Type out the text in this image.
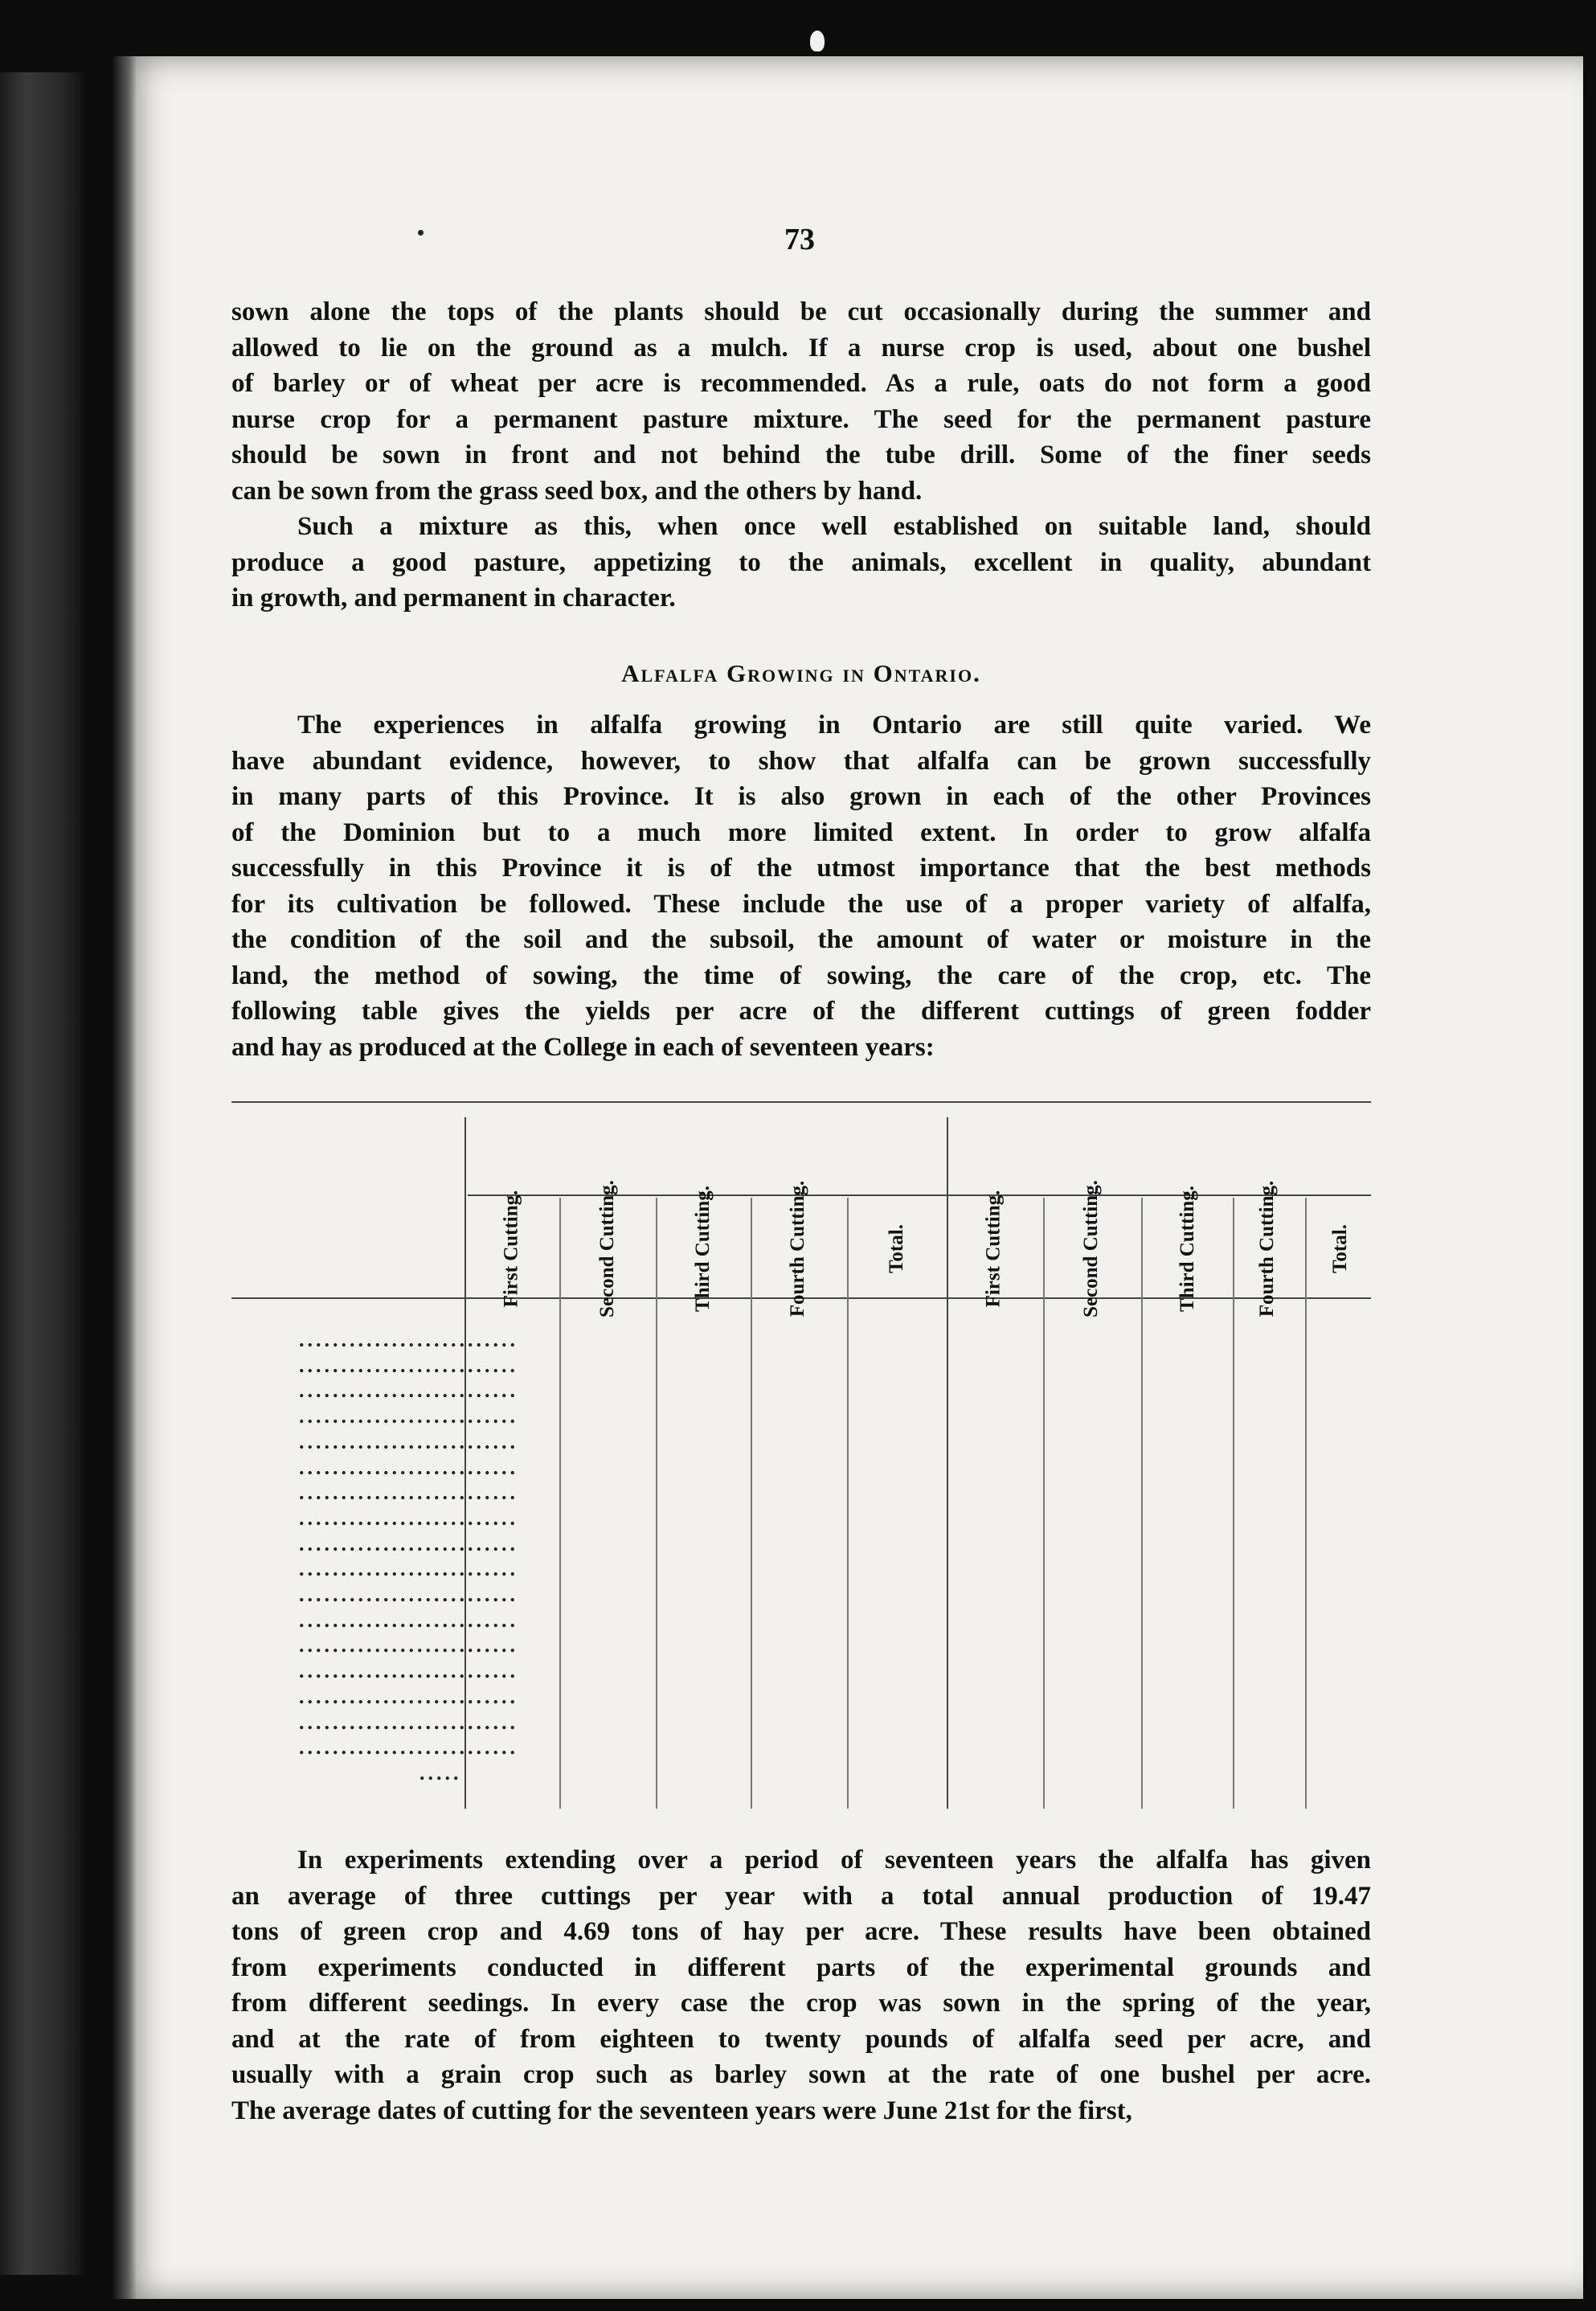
73
sown alone the tops of the plants should be cut occasionally during the summer and
allowed to lie on the ground as a mulch. If a nurse crop is used, about one bushel
of barley or of wheat per acre is recommended. As a rule, oats do not form a good
nurse crop for a permanent pasture mixture. The seed for the permanent pasture
should be sown in front and not behind the tube drill. Some of the finer seeds
can be sown from the grass seed box, and the others by hand.
Such a mixture as this, when once well established on suitable land, should
produce a good pasture, appetizing to the animals, excellent in quality, abundant
in growth, and permanent in character.
Alfalfa Growing in Ontario.
The experiences in alfalfa growing in Ontario are still quite varied. We
have abundant evidence, however, to show that alfalfa can be grown successfully
in many parts of this Province. It is also grown in each of the other Provinces
of the Dominion but to a much more limited extent. In order to grow alfalfa
successfully in this Province it is of the utmost importance that the best methods
for its cultivation be followed. These include the use of a proper variety of alfalfa,
the condition of the soil and the subsoil, the amount of water or moisture in the
land, the method of sowing, the time of sowing, the care of the crop, etc. The
following table gives the yields per acre of the different cuttings of green fodder
and hay as produced at the College in each of seventeen years:
First Cutting.	Second Cutting.	Third Cutting.	Fourth Cutting.	Total.	First Cutting.	Second Cutting.	Third Cutting.	Fourth Cutting.	Total.
..........................
..........................
..........................
..........................
..........................
..........................
..........................
..........................
..........................
..........................
..........................
..........................
..........................
..........................
..........................
..........................
..........................
.....
In experiments extending over a period of seventeen years the alfalfa has given
an average of three cuttings per year with a total annual production of 19.47
tons of green crop and 4.69 tons of hay per acre. These results have been obtained
from experiments conducted in different parts of the experimental grounds and
from different seedings. In every case the crop was sown in the spring of the year,
and at the rate of from eighteen to twenty pounds of alfalfa seed per acre, and
usually with a grain crop such as barley sown at the rate of one bushel per acre.
The average dates of cutting for the seventeen years were June 21st for the first,
